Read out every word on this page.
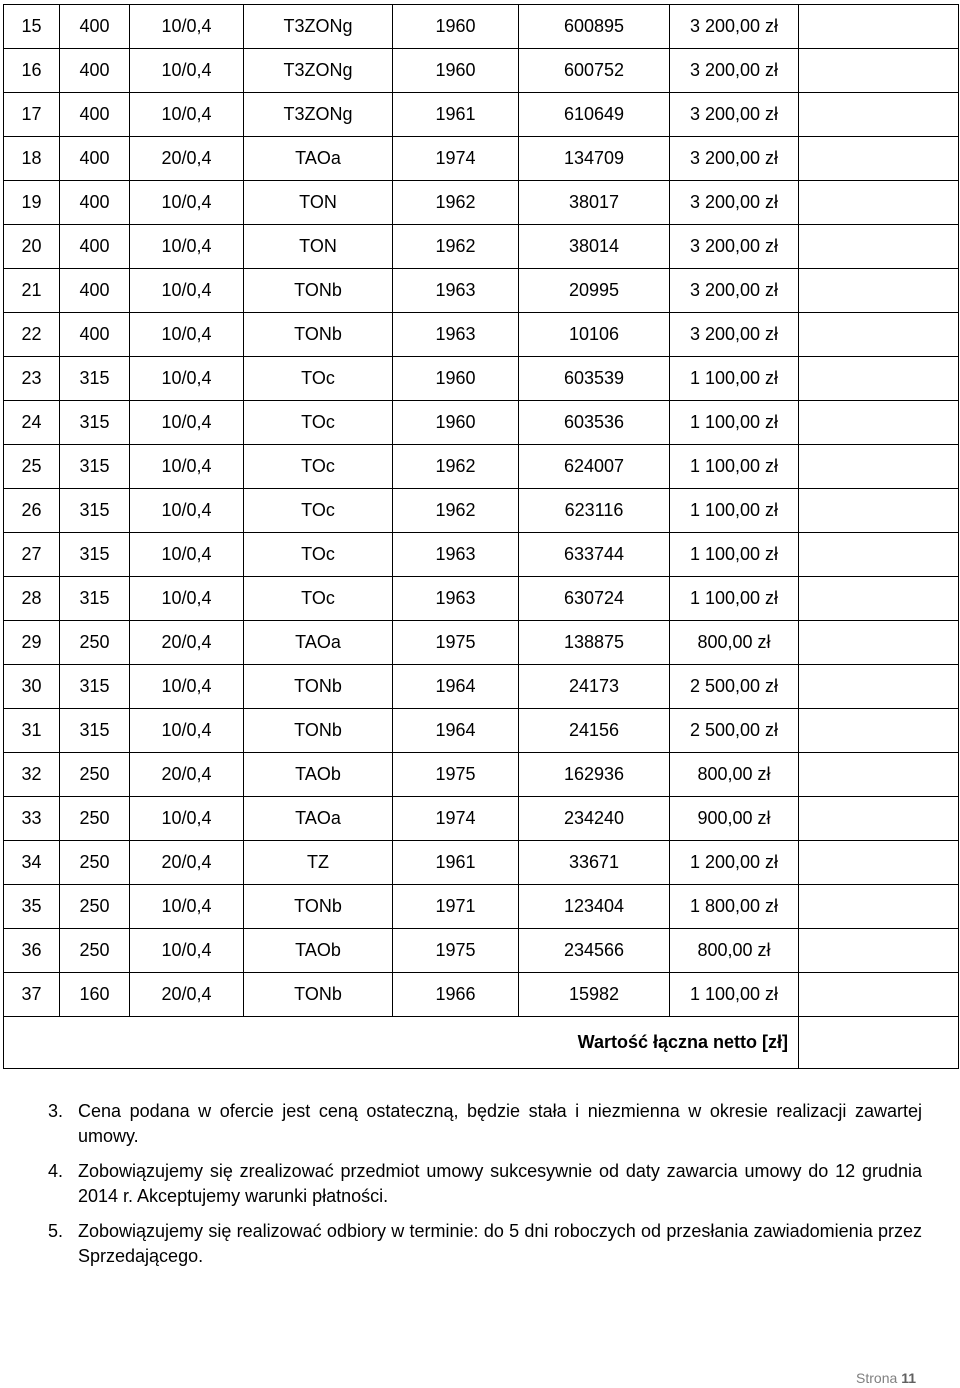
15	400	10/0,4	T3ZONg	1960	600895	3 200,00 zł	
16	400	10/0,4	T3ZONg	1960	600752	3 200,00 zł	
17	400	10/0,4	T3ZONg	1961	610649	3 200,00 zł	
18	400	20/0,4	TAOa	1974	134709	3 200,00 zł	
19	400	10/0,4	TON	1962	38017	3 200,00 zł	
20	400	10/0,4	TON	1962	38014	3 200,00 zł	
21	400	10/0,4	TONb	1963	20995	3 200,00 zł	
22	400	10/0,4	TONb	1963	10106	3 200,00 zł	
23	315	10/0,4	TOc	1960	603539	1 100,00 zł	
24	315	10/0,4	TOc	1960	603536	1 100,00 zł	
25	315	10/0,4	TOc	1962	624007	1 100,00 zł	
26	315	10/0,4	TOc	1962	623116	1 100,00 zł	
27	315	10/0,4	TOc	1963	633744	1 100,00 zł	
28	315	10/0,4	TOc	1963	630724	1 100,00 zł	
29	250	20/0,4	TAOa	1975	138875	800,00 zł	
30	315	10/0,4	TONb	1964	24173	2 500,00 zł	
31	315	10/0,4	TONb	1964	24156	2 500,00 zł	
32	250	20/0,4	TAOb	1975	162936	800,00 zł	
33	250	10/0,4	TAOa	1974	234240	900,00 zł	
34	250	20/0,4	TZ	1961	33671	1 200,00 zł	
35	250	10/0,4	TONb	1971	123404	1 800,00 zł	
36	250	10/0,4	TAOb	1975	234566	800,00 zł	
37	160	20/0,4	TONb	1966	15982	1 100,00 zł	
Wartość łączna netto [zł]							
3. Cena podana w ofercie jest ceną ostateczną, będzie stała i niezmienna w okresie realizacji zawartej umowy.
4. Zobowiązujemy się zrealizować przedmiot umowy sukcesywnie od daty zawarcia umowy do 12 grudnia 2014 r. Akceptujemy warunki płatności.
5. Zobowiązujemy się realizować odbiory w terminie: do 5 dni roboczych od przesłania zawiadomienia przez Sprzedającego.
Strona 11
